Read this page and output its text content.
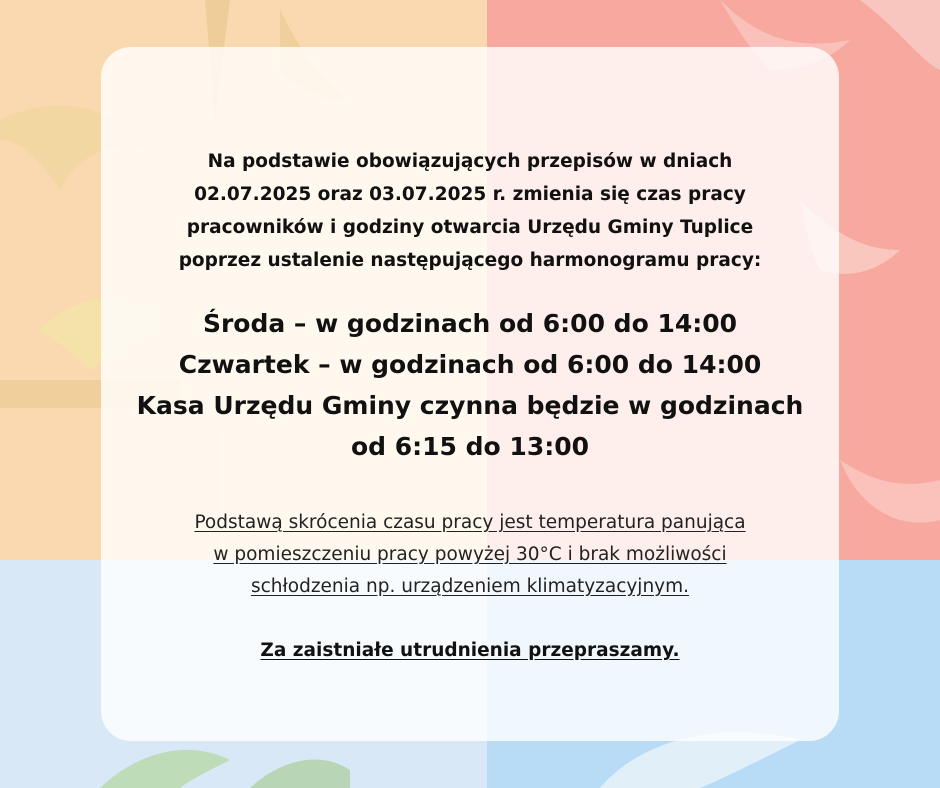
Na podstawie obowiązujących przepisów w dniach
02.07.2025 oraz 03.07.2025 r. zmienia się czas pracy
pracowników i godziny otwarcia Urzędu Gminy Tuplice
poprzez ustalenie następującego harmonogramu pracy:

Środa – w godzinach od 6:00 do 14:00
Czwartek – w godzinach od 6:00 do 14:00
Kasa Urzędu Gminy czynna będzie w godzinach
od 6:15 do 13:00

Podstawą skrócenia czasu pracy jest temperatura panująca
w pomieszczeniu pracy powyżej 30°C i brak możliwości
schłodzenia np. urządzeniem klimatyzacyjnym.

Za zaistniałe utrudnienia przepraszamy.
